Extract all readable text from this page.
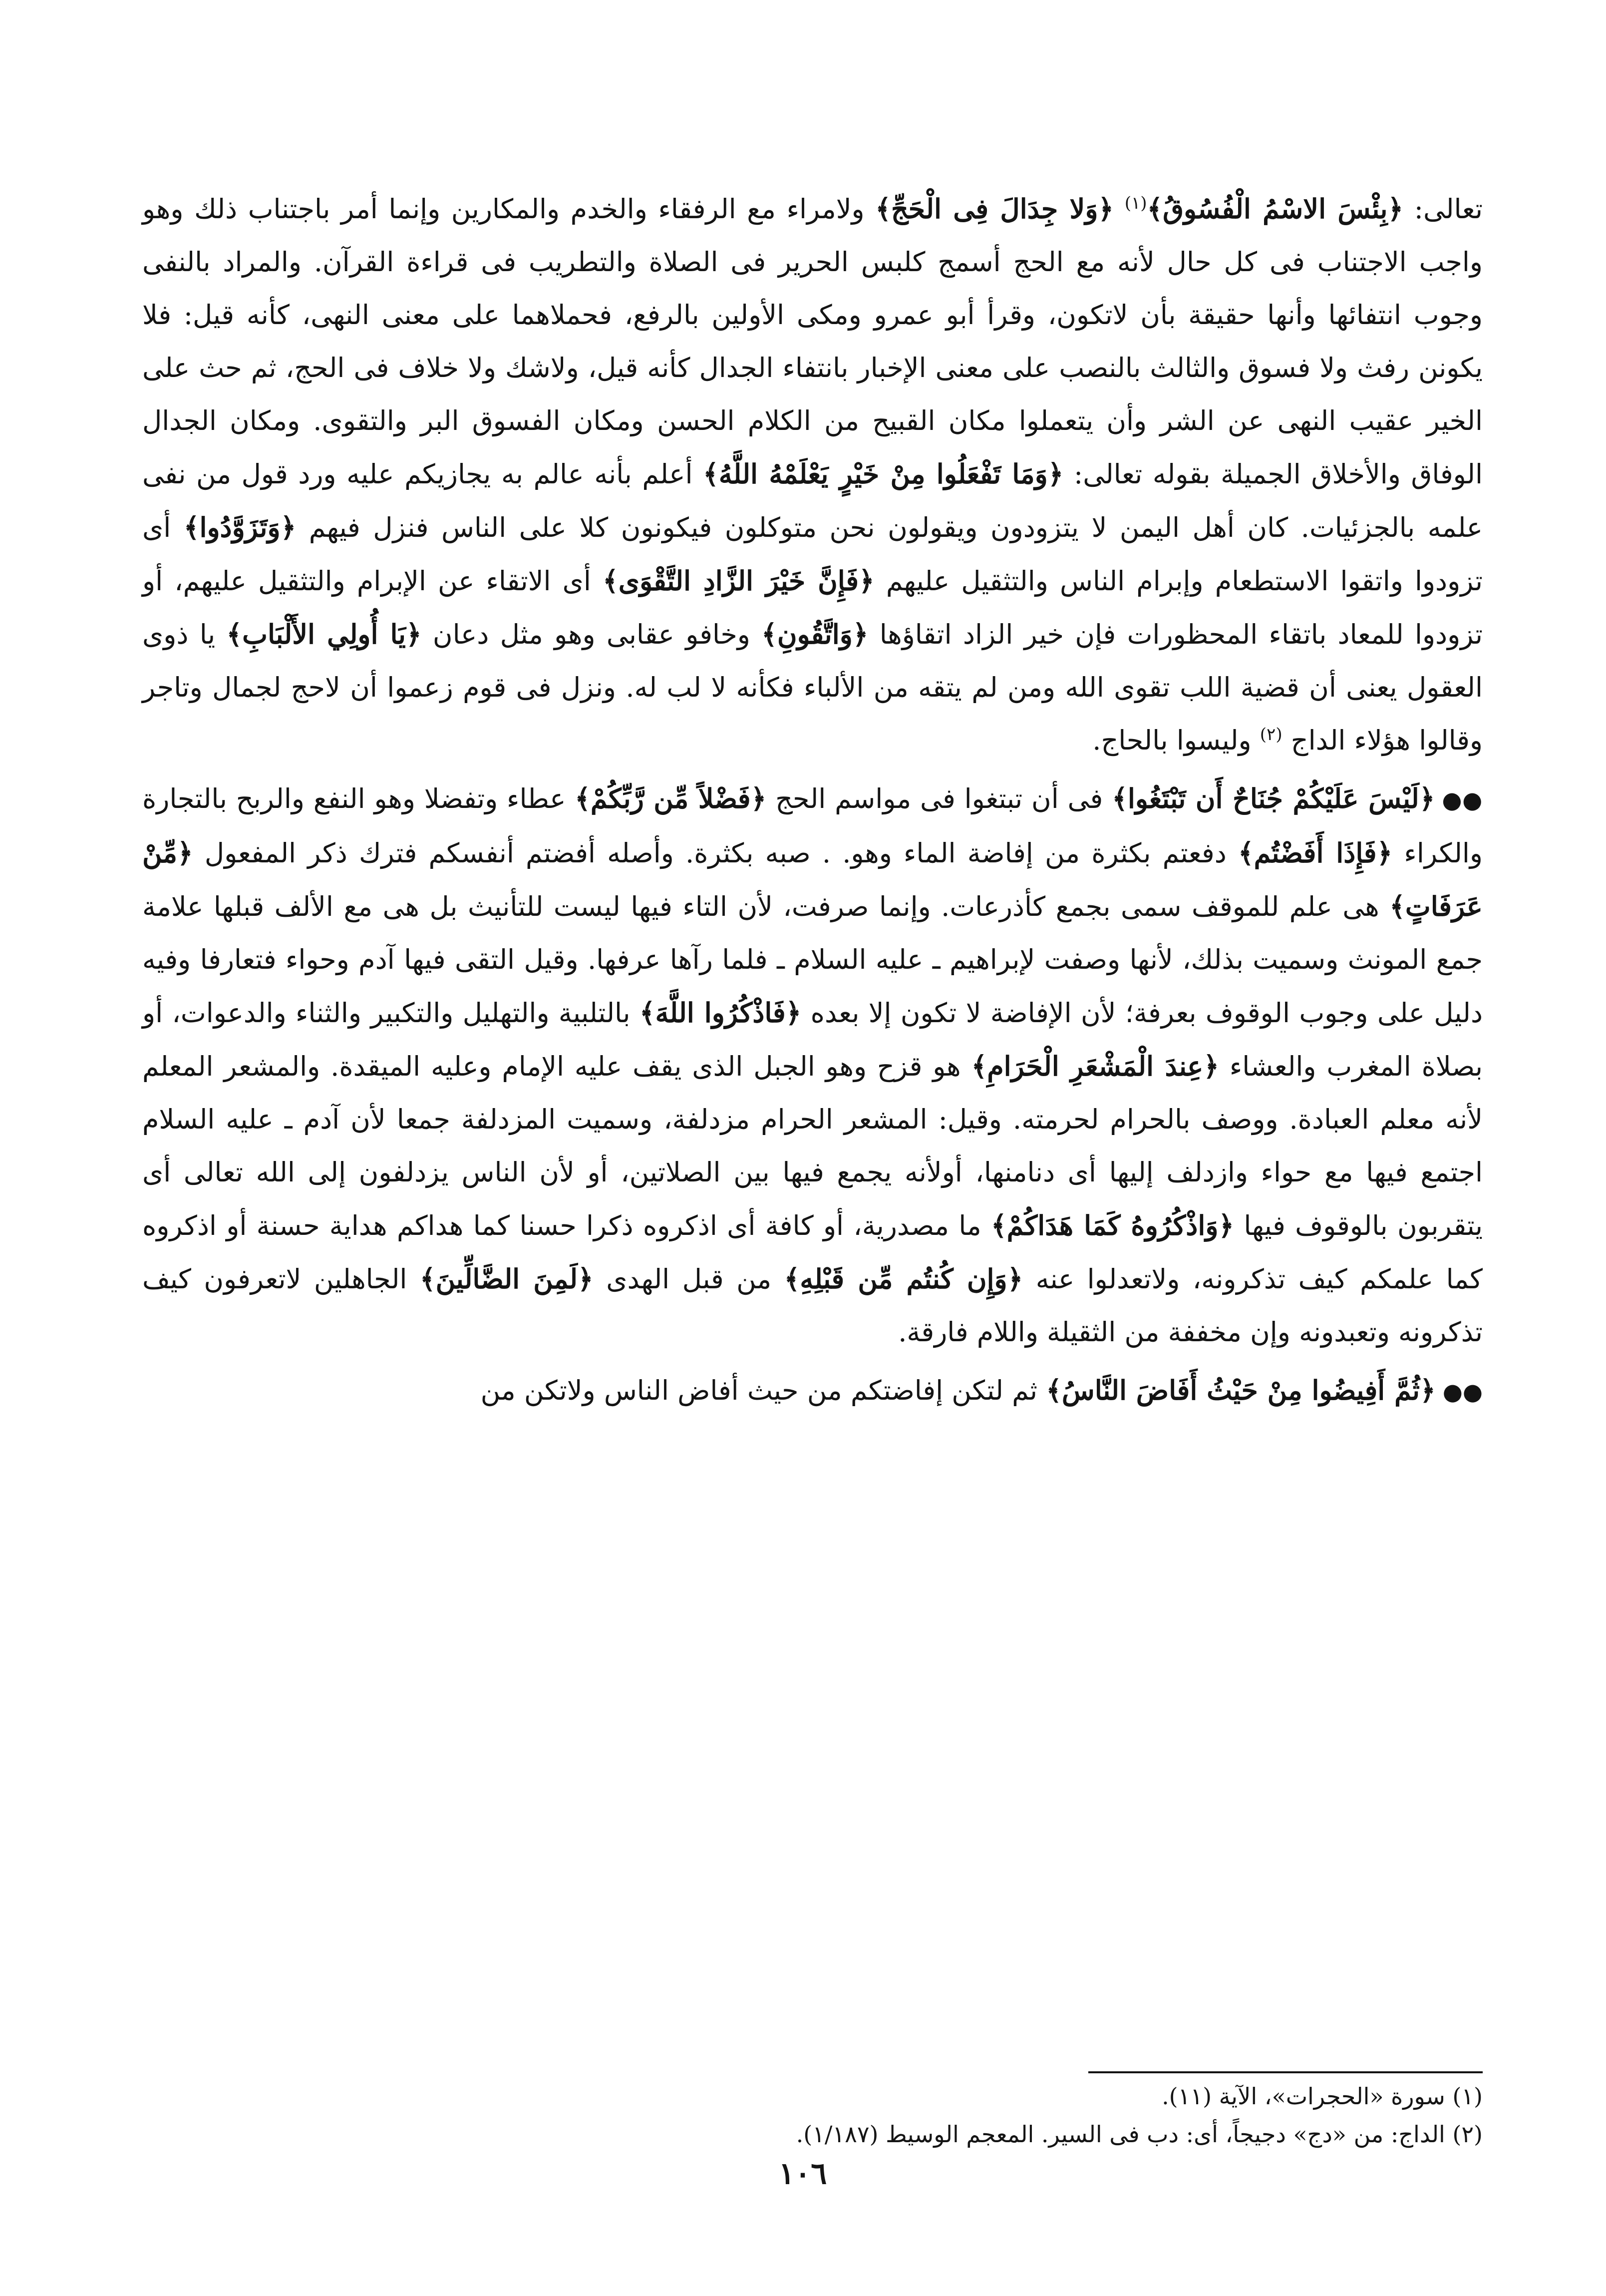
تعالى: ﴿بِئْسَ الاسْمُ الْفُسُوقُ﴾$^{(١)}$ ﴿وَلا جِدَالَ فِى الْحَجِّ﴾ ولامراء مع الرفقاء والخدم والمكارين وإنما أمر باجتناب ذلك وهو واجب الاجتناب فى كل حال لأنه مع الحج أسمج كلبس الحرير فى الصلاة والتطريب فى قراءة القرآن. والمراد بالنفى وجوب انتفائها وأنها حقيقة بأن لاتكون، وقرأ أبو عمرو ومكى الأولين بالرفع، فحملاهما على معنى النهى، كأنه قيل: فلا يكونن رفث ولا فسوق والثالث بالنصب على معنى الإخبار بانتفاء الجدال كأنه قيل، ولاشك ولا خلاف فى الحج، ثم حث على الخير عقيب النهى عن الشر وأن يتعملوا مكان القبيح من الكلام الحسن ومكان الفسوق البر والتقوى. ومكان الجدال الوفاق والأخلاق الجميلة بقوله تعالى: ﴿وَمَا تَفْعَلُوا مِنْ خَيْرٍ يَعْلَمْهُ اللَّهُ﴾ أعلم بأنه عالم به يجازيكم عليه ورد قول من نفى علمه بالجزئيات. كان أهل اليمن لا يتزودون ويقولون نحن متوكلون فيكونون كلا على الناس فنزل فيهم ﴿وَتَزَوَّدُوا﴾ أى تزودوا واتقوا الاستطعام وإبرام الناس والتثقيل عليهم ﴿فَإِنَّ خَيْرَ الزَّادِ التَّقْوَى﴾ أى الاتقاء عن الإبرام والتثقيل عليهم، أو تزودوا للمعاد باتقاء المحظورات فإن خير الزاد اتقاؤها ﴿وَاتَّقُونِ﴾ وخافو عقابى وهو مثل دعان ﴿يَا أُولِي الأَلْبَابِ﴾ يا ذوى العقول يعنى أن قضية اللب تقوى الله ومن لم يتقه من الألباء فكأنه لا لب له. ونزل فى قوم زعموا أن لاحج لجمال وتاجر وقالوا هؤلاء الداج $^{(٢)}$ وليسوا بالحاج.

●●﴿لَيْسَ عَلَيْكُمْ جُنَاحٌ أَن تَبْتَغُوا﴾ فى أن تبتغوا فى مواسم الحج ﴿فَضْلاً مِّن رَّبِّكُمْ﴾ عطاء وتفضلا وهو النفع والربح بالتجارة والكراء ﴿فَإِذَا أَفَضْتُم﴾ دفعتم بكثرة من إفاضة الماء وهو. . صبه بكثرة. وأصله أفضتم أنفسكم فترك ذكر المفعول ﴿مِّنْ عَرَفَاتٍ﴾ هى علم للموقف سمى بجمع كأذرعات. وإنما صرفت، لأن التاء فيها ليست للتأنيث بل هى مع الألف قبلها علامة جمع المونث وسميت بذلك، لأنها وصفت لإبراهيم ـ عليه السلام ـ فلما رآها عرفها. وقيل التقى فيها آدم وحواء فتعارفا وفيه دليل على وجوب الوقوف بعرفة؛ لأن الإفاضة لا تكون إلا بعده ﴿فَاذْكُرُوا اللَّهَ﴾ بالتلبية والتهليل والتكبير والثناء والدعوات، أو بصلاة المغرب والعشاء ﴿عِندَ الْمَشْعَرِ الْحَرَامِ﴾ هو قزح وهو الجبل الذى يقف عليه الإمام وعليه الميقدة. والمشعر المعلم لأنه معلم العبادة. ووصف بالحرام لحرمته. وقيل: المشعر الحرام مزدلفة، وسميت المزدلفة جمعا لأن آدم ـ عليه السلام اجتمع فيها مع حواء وازدلف إليها أى دنامنها، أولأنه يجمع فيها بين الصلاتين، أو لأن الناس يزدلفون إلى الله تعالى أى يتقربون بالوقوف فيها ﴿وَاذْكُرُوهُ كَمَا هَدَاكُمْ﴾ ما مصدرية، أو كافة أى اذكروه ذكرا حسنا كما هداكم هداية حسنة أو اذكروه كما علمكم كيف تذكرونه، ولاتعدلوا عنه ﴿وَإِن كُنتُم مِّن قَبْلِهِ﴾ من قبل الهدى ﴿لَمِنَ الضَّالِّينَ﴾ الجاهلين لاتعرفون كيف تذكرونه وتعبدونه وإن مخففة من الثقيلة واللام فارقة.

●●﴿ثُمَّ أَفِيضُوا مِنْ حَيْثُ أَفَاضَ النَّاسُ﴾ ثم لتكن إفاضتكم من حيث أفاض الناس ولاتكن من

(١) سورة «الحجرات»، الآية (١١).
(٢) الداج: من «دج» دجيجاً، أى: دب فى السير. المعجم الوسيط (١/١٨٧).
١٠٦
